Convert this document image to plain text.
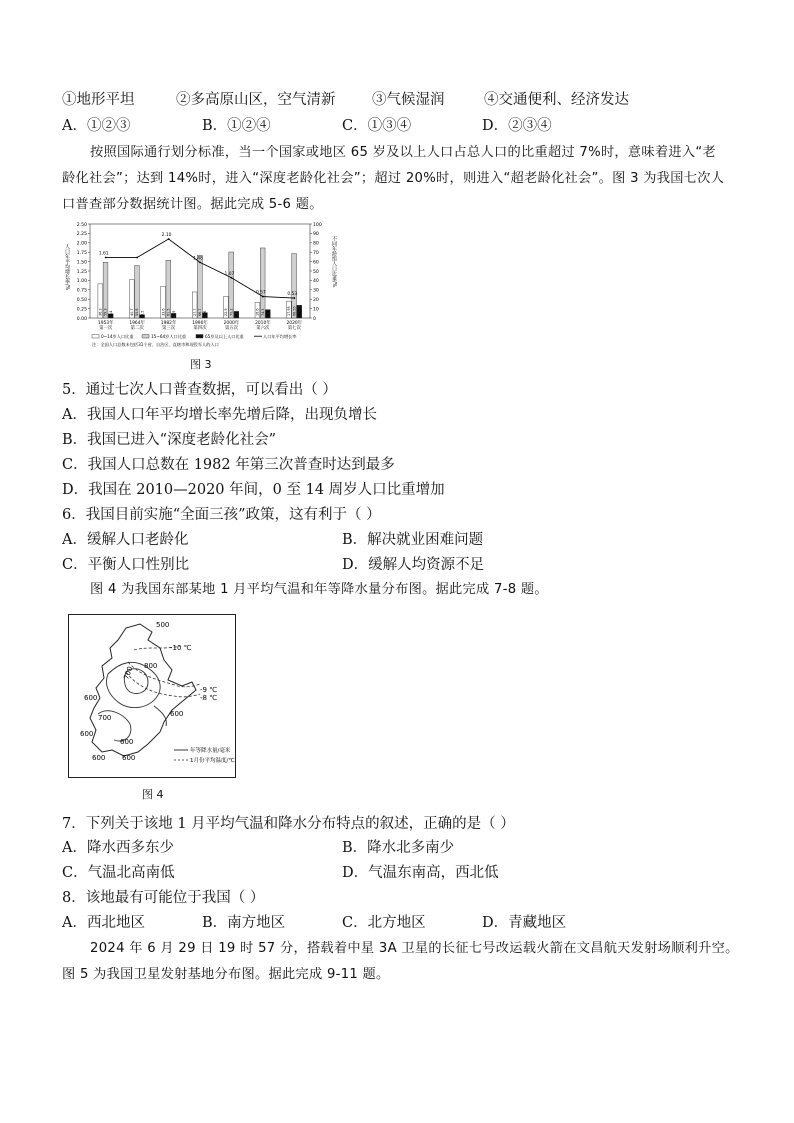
①地形平坦	②多高原山区，空气清新	③气候湿润	④交通便利、经济发达
A．①②③	B．①②④	C．①③④	D．②③④
按照国际通行划分标准，当一个国家或地区 65 岁及以上人口占总人口的比重超过 7%时，意味着进入“老
龄化社会”；达到 14%时，进入“深度老龄化社会”；超过 20%时，则进入“超老龄化社会”。图 3 为我国七次人
口普查部分数据统计图。据此完成 5-6 题。
0.00
0.25
0.50
0.75
1.00
1.25
1.50
1.75
2.00
2.25
2.50
0
10
20
30
40
50
60
70
80
90
100
人口年平均增长率/%	不同年龄组人口比重/%
36.3 59.3 4.4
1953年
第一次
40.7 55.8 3.5
1964年
第二次
33.6 61.5 4.9
1982年
第三次
27.7 66.7 5.6
1990年
第四次
22.9 70.2 7
2000年
第五次
16.6 74.5 8.9
2010年
第六次
17.95 68.55 13.5
2020年
第七次
1.61
2.10
1.48
1.07
0.57	0.53
0~14岁人口比重	15~64岁人口比重	65岁及以上人口比重	人口年平均增长率
注：全国人口总数未包括31个省、自治区、直辖市和现役军人的人口
图 3
5．通过七次人口普查数据，可以看出（ ）
A．我国人口年平均增长率先增后降，出现负增长
B．我国已进入“深度老龄化社会”
C．我国人口总数在 1982 年第三次普查时达到最多
D．我国在 2010—2020 年间，0 至 14 周岁人口比重增加
6．我国目前实施“全面三孩”政策，这有利于（ ）
A．缓解人口老龄化	B．解决就业困难问题
C．平衡人口性别比	D．缓解人均资源不足
图 4 为我国东部某地 1 月平均气温和年等降水量分布图。据此完成 7-8 题。
500
-10 ℃
800
700
600
-9 ℃
-8 ℃
600
700
600
600
600 600
年等降水量/毫米
1月份平均温度/℃
图 4
7．下列关于该地 1 月平均气温和降水分布特点的叙述，正确的是（ ）
A．降水西多东少	B．降水北多南少
C．气温北高南低	D．气温东南高，西北低
8．该地最有可能位于我国（ ）
A．西北地区	B．南方地区	C．北方地区	D．青藏地区
2024 年 6 月 29 日 19 时 57 分，搭载着中星 3A 卫星的长征七号改运载火箭在文昌航天发射场顺利升空。
图 5 为我国卫星发射基地分布图。据此完成 9-11 题。
